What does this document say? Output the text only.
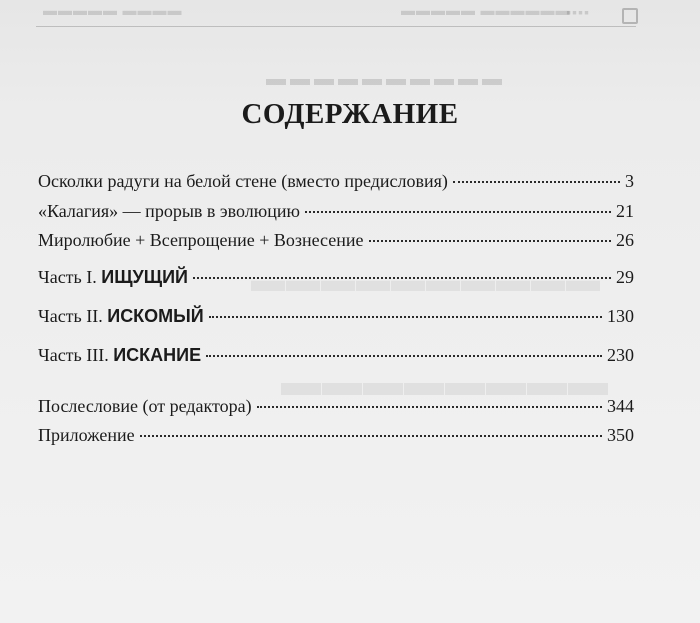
▬▬▬▬ ▬▬▬▬▬	▬▬▬▬▬▬ ▬▬▬▬▬
▪▪▪▪
▬▬▬▬▬▬▬▬▬▬
▬▬▬▬▬▬▬▬▬▬
▬▬▬▬▬▬▬▬
СОДЕРЖАНИЕ
Осколки радуги на белой стене (вместо предисловия)	3
«Калагия» — прорыв в эволюцию	21
Миролюбие + Всепрощение + Вознесение	26
Часть I. ИЩУЩИЙ	29
Часть II. ИСКОМЫЙ	130
Часть III. ИСКАНИЕ	230
Послесловие (от редактора)	344
Приложение	350
